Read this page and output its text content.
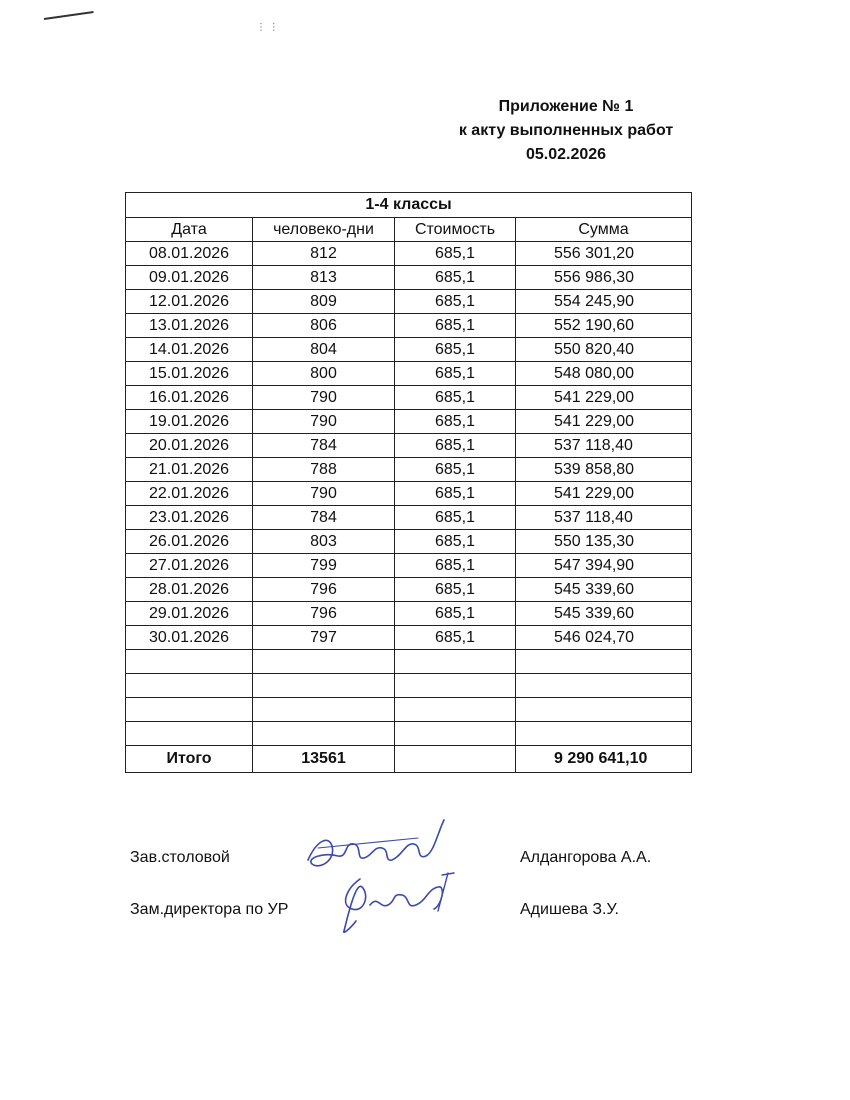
⋮ ⋮
Приложение № 1
к акту выполненных работ
05.02.2026
1-4 классы			
Дата	человеко-дни	Стоимость	Сумма
08.01.2026	812	685,1	556 301,20
09.01.2026	813	685,1	556 986,30
12.01.2026	809	685,1	554 245,90
13.01.2026	806	685,1	552 190,60
14.01.2026	804	685,1	550 820,40
15.01.2026	800	685,1	548 080,00
16.01.2026	790	685,1	541 229,00
19.01.2026	790	685,1	541 229,00
20.01.2026	784	685,1	537 118,40
21.01.2026	788	685,1	539 858,80
22.01.2026	790	685,1	541 229,00
23.01.2026	784	685,1	537 118,40
26.01.2026	803	685,1	550 135,30
27.01.2026	799	685,1	547 394,90
28.01.2026	796	685,1	545 339,60
29.01.2026	796	685,1	545 339,60
30.01.2026	797	685,1	546 024,70

Итого	13561		9 290 641,10
Зав.столовой	Алдангорова А.А.
Зам.директора по УР	Адишева З.У.
